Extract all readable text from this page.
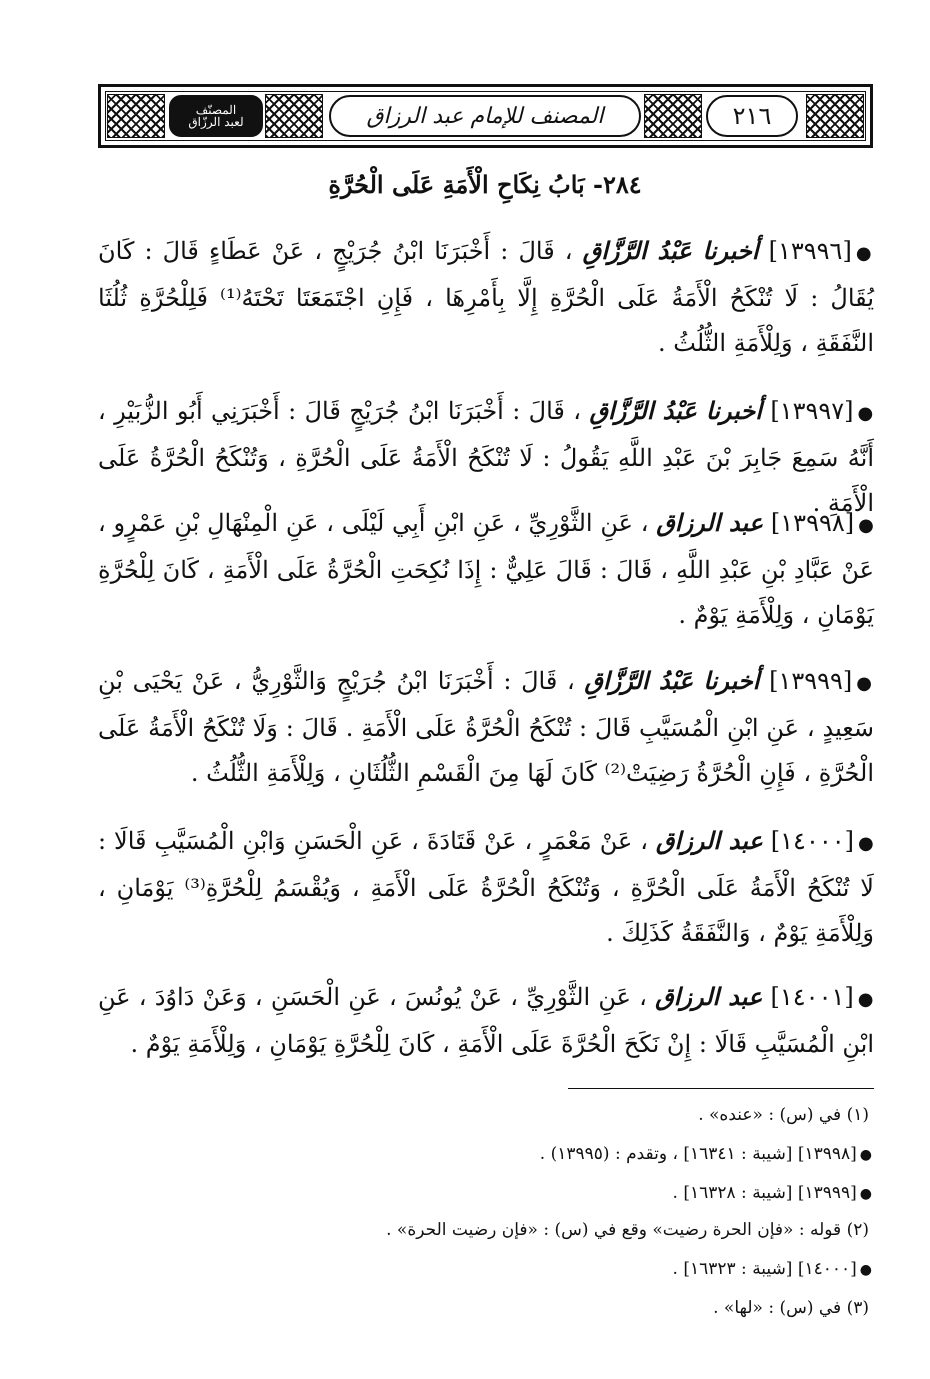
المصنّف
لعبد الرزّاق	المصنف للإمام عبد الرزاق	٢١٦
٢٨٤- بَابُ نِكَاحِ الْأَمَةِ عَلَى الْحُرَّةِ
●[١٣٩٩٦] أخبرنا عَبْدُ الرَّزَّاقِ ، قَالَ : أَخْبَرَنَا ابْنُ جُرَيْجٍ ، عَنْ عَطَاءٍ قَالَ : كَانَ يُقَالُ : لَا تُنْكَحُ الْأَمَةُ عَلَى الْحُرَّةِ إِلَّا بِأَمْرِهَا ، فَإِنِ اجْتَمَعَتَا تَحْتَهُ⁽¹⁾ فَلِلْحُرَّةِ ثُلُثَا النَّفَقَةِ ، وَلِلْأَمَةِ الثُّلُثُ .
●[١٣٩٩٧] أخبرنا عَبْدُ الرَّزَّاقِ ، قَالَ : أَخْبَرَنَا ابْنُ جُرَيْجٍ قَالَ : أَخْبَرَنِي أَبُو الزُّبَيْرِ ، أَنَّهُ سَمِعَ جَابِرَ بْنَ عَبْدِ اللَّهِ يَقُولُ : لَا تُنْكَحُ الْأَمَةُ عَلَى الْحُرَّةِ ، وَتُنْكَحُ الْحُرَّةُ عَلَى الْأَمَةِ .
●[١٣٩٩٨] عبد الرزاق ، عَنِ الثَّوْرِيِّ ، عَنِ ابْنِ أَبِي لَيْلَى ، عَنِ الْمِنْهَالِ بْنِ عَمْرٍو ، عَنْ عَبَّادِ بْنِ عَبْدِ اللَّهِ ، قَالَ : قَالَ عَلِيٌّ : إِذَا نُكِحَتِ الْحُرَّةُ عَلَى الْأَمَةِ ، كَانَ لِلْحُرَّةِ يَوْمَانِ ، وَلِلْأَمَةِ يَوْمٌ .
●[١٣٩٩٩] أخبرنا عَبْدُ الرَّزَّاقِ ، قَالَ : أَخْبَرَنَا ابْنُ جُرَيْجٍ وَالثَّوْرِيُّ ، عَنْ يَحْيَى بْنِ سَعِيدٍ ، عَنِ ابْنِ الْمُسَيَّبِ قَالَ : تُنْكَحُ الْحُرَّةُ عَلَى الْأَمَةِ . قَالَ : وَلَا تُنْكَحُ الْأَمَةُ عَلَى الْحُرَّةِ ، فَإِنِ الْحُرَّةُ رَضِيَتْ⁽²⁾ كَانَ لَهَا مِنَ الْقَسْمِ الثُّلُثَانِ ، وَلِلْأَمَةِ الثُّلُثُ .
●[١٤٠٠٠] عبد الرزاق ، عَنْ مَعْمَرٍ ، عَنْ قَتَادَةَ ، عَنِ الْحَسَنِ وَابْنِ الْمُسَيَّبِ قَالَا : لَا تُنْكَحُ الْأَمَةُ عَلَى الْحُرَّةِ ، وَتُنْكَحُ الْحُرَّةُ عَلَى الْأَمَةِ ، وَيُقْسَمُ لِلْحُرَّةِ⁽³⁾ يَوْمَانِ ، وَلِلْأَمَةِ يَوْمٌ ، وَالنَّفَقَةُ كَذَلِكَ .
●[١٤٠٠١] عبد الرزاق ، عَنِ الثَّوْرِيِّ ، عَنْ يُونُسَ ، عَنِ الْحَسَنِ ، وَعَنْ دَاوُدَ ، عَنِ ابْنِ الْمُسَيَّبِ قَالَا : إِنْ نَكَحَ الْحُرَّةَ عَلَى الْأَمَةِ ، كَانَ لِلْحُرَّةِ يَوْمَانِ ، وَلِلْأَمَةِ يَوْمٌ .
(١) في (س) : «عنده» .
●[١٣٩٩٨] [شيبة : ١٦٣٤١] ، وتقدم : (١٣٩٩٥) .
●[١٣٩٩٩] [شيبة : ١٦٣٢٨] .
(٢) قوله : «فإن الحرة رضيت» وقع في (س) : «فإن رضيت الحرة» .
●[١٤٠٠٠] [شيبة : ١٦٣٢٣] .
(٣) في (س) : «لها» .
